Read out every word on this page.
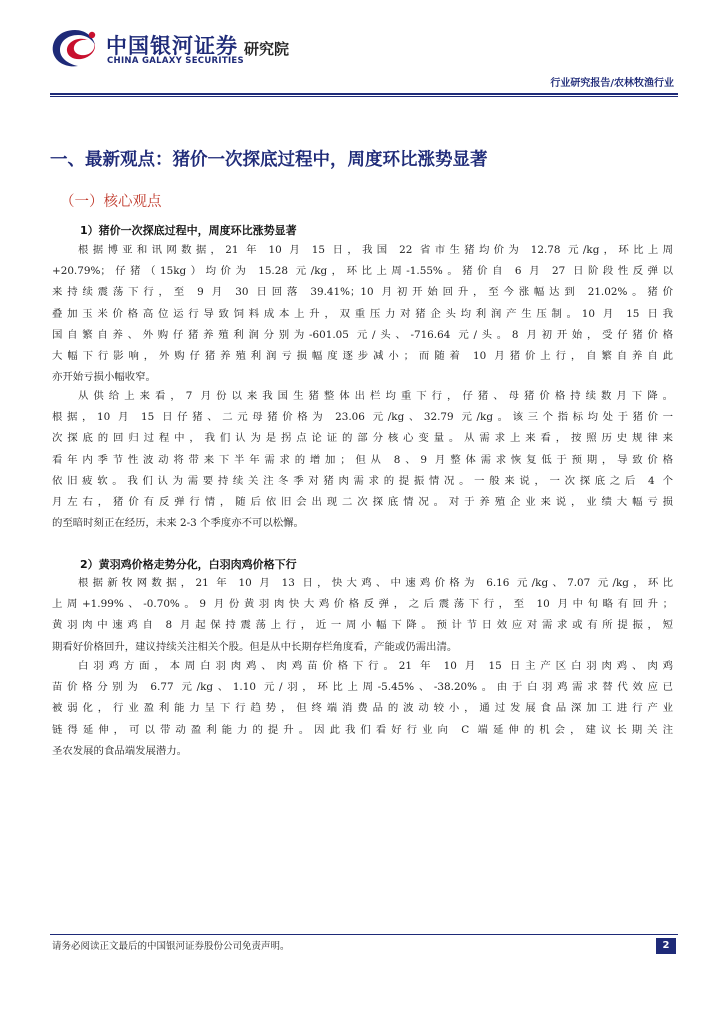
中国银河证券 研究院
CHINA GALAXY SECURITIES
行业研究报告/农林牧渔行业
一、最新观点：猪价一次探底过程中，周度环比涨势显著
（一）核心观点
1）猪价一次探底过程中，周度环比涨势显著
根据博亚和讯网数据，21 年 10 月 15 日，我国 22 省市生猪均价为 12.78 元/kg，环比上周
+20.79%；仔猪（15kg）均价为 15.28 元/kg，环比上周-1.55%。猪价自 6 月 27 日阶段性反弹以
来持续震荡下行，至 9 月 30 日回落 39.41%；10 月初开始回升，至今涨幅达到 21.02%。猪价
叠加玉米价格高位运行导致饲料成本上升，双重压力对猪企头均利润产生压制。10 月 15 日我
国自繁自养、外购仔猪养殖利润分别为-601.05 元/头、-716.64 元/头。8 月初开始，受仔猪价格
大幅下行影响，外购仔猪养殖利润亏损幅度逐步减小；而随着 10 月猪价上行，自繁自养自此
亦开始亏损小幅收窄。
从供给上来看，7 月份以来我国生猪整体出栏均重下行，仔猪、母猪价格持续数月下降。
根据，10 月 15 日仔猪、二元母猪价格为 23.06 元/kg、32.79 元/kg。该三个指标均处于猪价一
次探底的回归过程中，我们认为是拐点论证的部分核心变量。从需求上来看，按照历史规律来
看年内季节性波动将带来下半年需求的增加；但从 8、9 月整体需求恢复低于预期，导致价格
依旧疲软。我们认为需要持续关注冬季对猪肉需求的提振情况。一般来说，一次探底之后 4 个
月左右，猪价有反弹行情，随后依旧会出现二次探底情况。对于养殖企业来说，业绩大幅亏损
的至暗时刻正在经历，未来 2-3 个季度亦不可以松懈。
2）黄羽鸡价格走势分化，白羽肉鸡价格下行
根据新牧网数据，21 年 10 月 13 日，快大鸡、中速鸡价格为 6.16 元/kg、7.07 元/kg，环比
上周+1.99%、-0.70%。9 月份黄羽肉快大鸡价格反弹，之后震荡下行，至 10 月中旬略有回升；
黄羽肉中速鸡自 8 月起保持震荡上行，近一周小幅下降。预计节日效应对需求或有所提振，短
期看好价格回升，建议持续关注相关个股。但是从中长期存栏角度看，产能或仍需出清。
白羽鸡方面，本周白羽肉鸡、肉鸡苗价格下行。21 年 10 月 15 日主产区白羽肉鸡、肉鸡
苗价格分别为 6.77 元/kg、1.10 元/羽，环比上周-5.45%、-38.20%。由于白羽鸡需求替代效应已
被弱化，行业盈利能力呈下行趋势，但终端消费品的波动较小，通过发展食品深加工进行产业
链得延伸，可以带动盈利能力的提升。因此我们看好行业向 C 端延伸的机会，建议长期关注
圣农发展的食品端发展潜力。
请务必阅读正文最后的中国银河证券股份公司免责声明。	2
